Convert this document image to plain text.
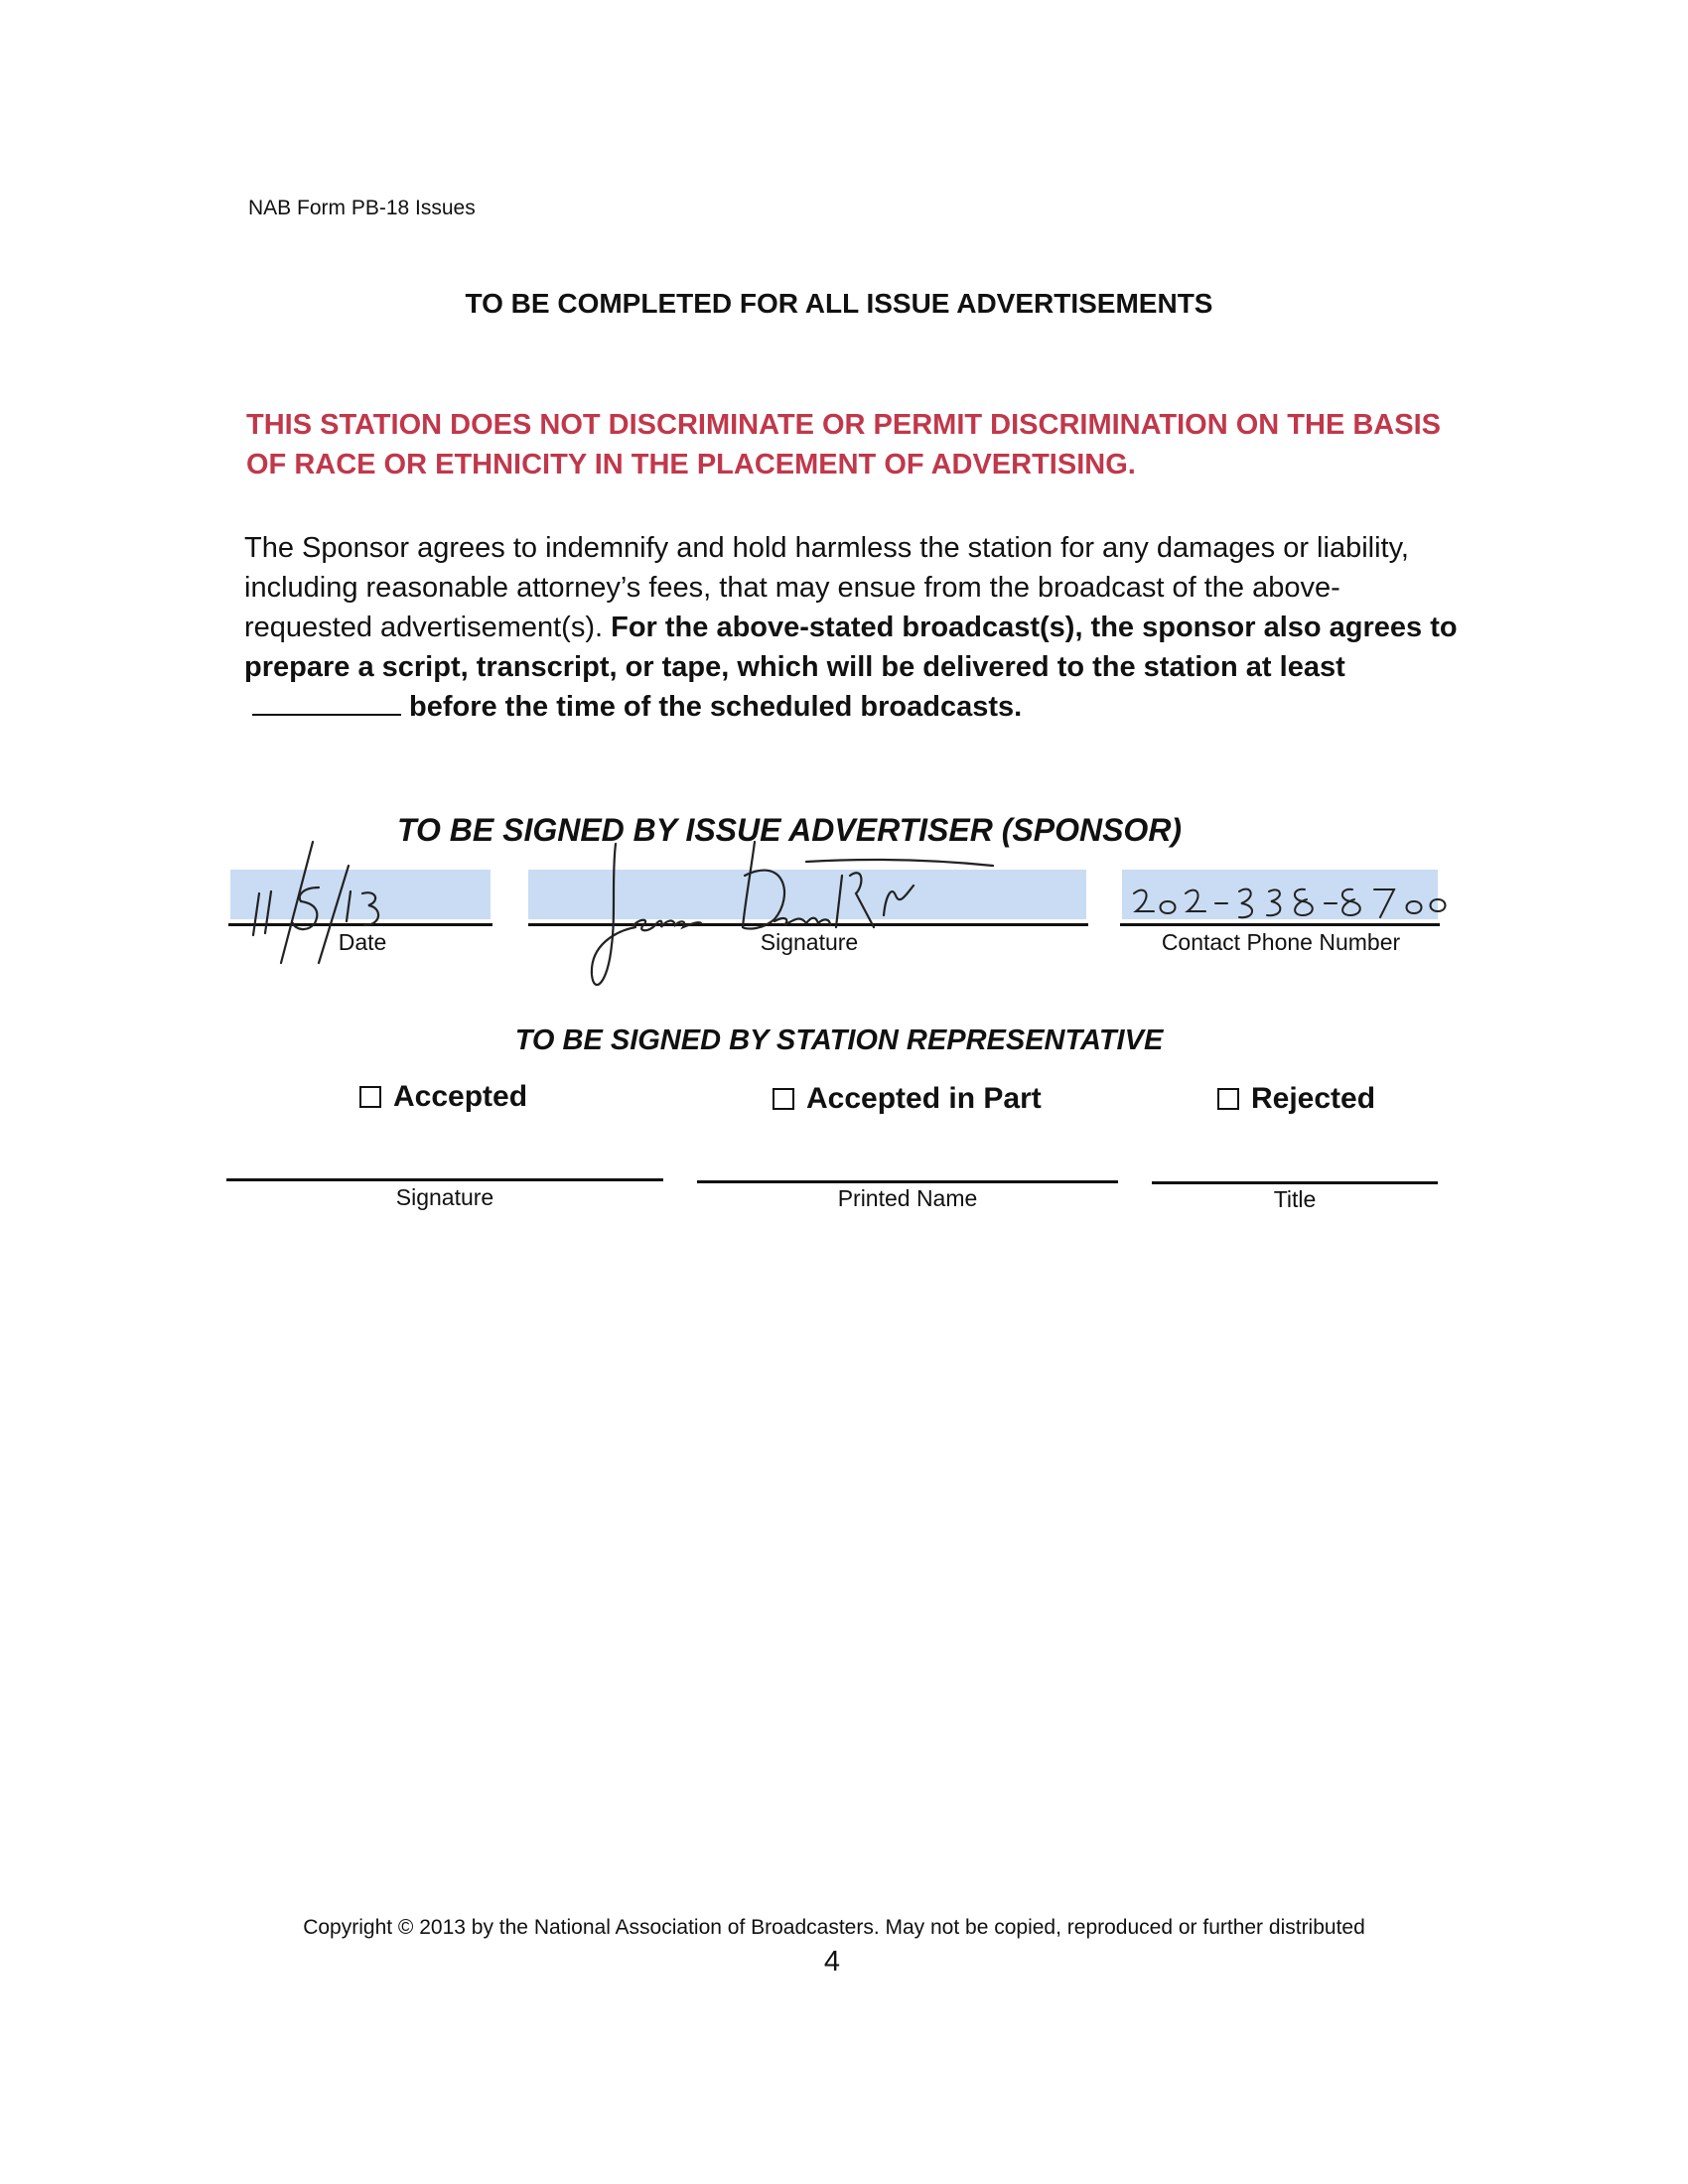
NAB Form PB-18 Issues
TO BE COMPLETED FOR ALL ISSUE ADVERTISEMENTS
THIS STATION DOES NOT DISCRIMINATE OR PERMIT DISCRIMINATION ON THE BASIS OF RACE OR ETHNICITY IN THE PLACEMENT OF ADVERTISING.
The Sponsor agrees to indemnify and hold harmless the station for any damages or liability, including reasonable attorney’s fees, that may ensue from the broadcast of the above-requested advertisement(s). For the above-stated broadcast(s), the sponsor also agrees to prepare a script, transcript, or tape, which will be delivered to the station at leastbefore the time of the scheduled broadcasts.
TO BE SIGNED BY ISSUE ADVERTISER (SPONSOR)
Date	Signature	Contact Phone Number
TO BE SIGNED BY STATION REPRESENTATIVE
Accepted	Accepted in Part	Rejected
Signature	Printed Name	Title
Copyright © 2013 by the National Association of Broadcasters. May not be copied, reproduced or further distributed
4
